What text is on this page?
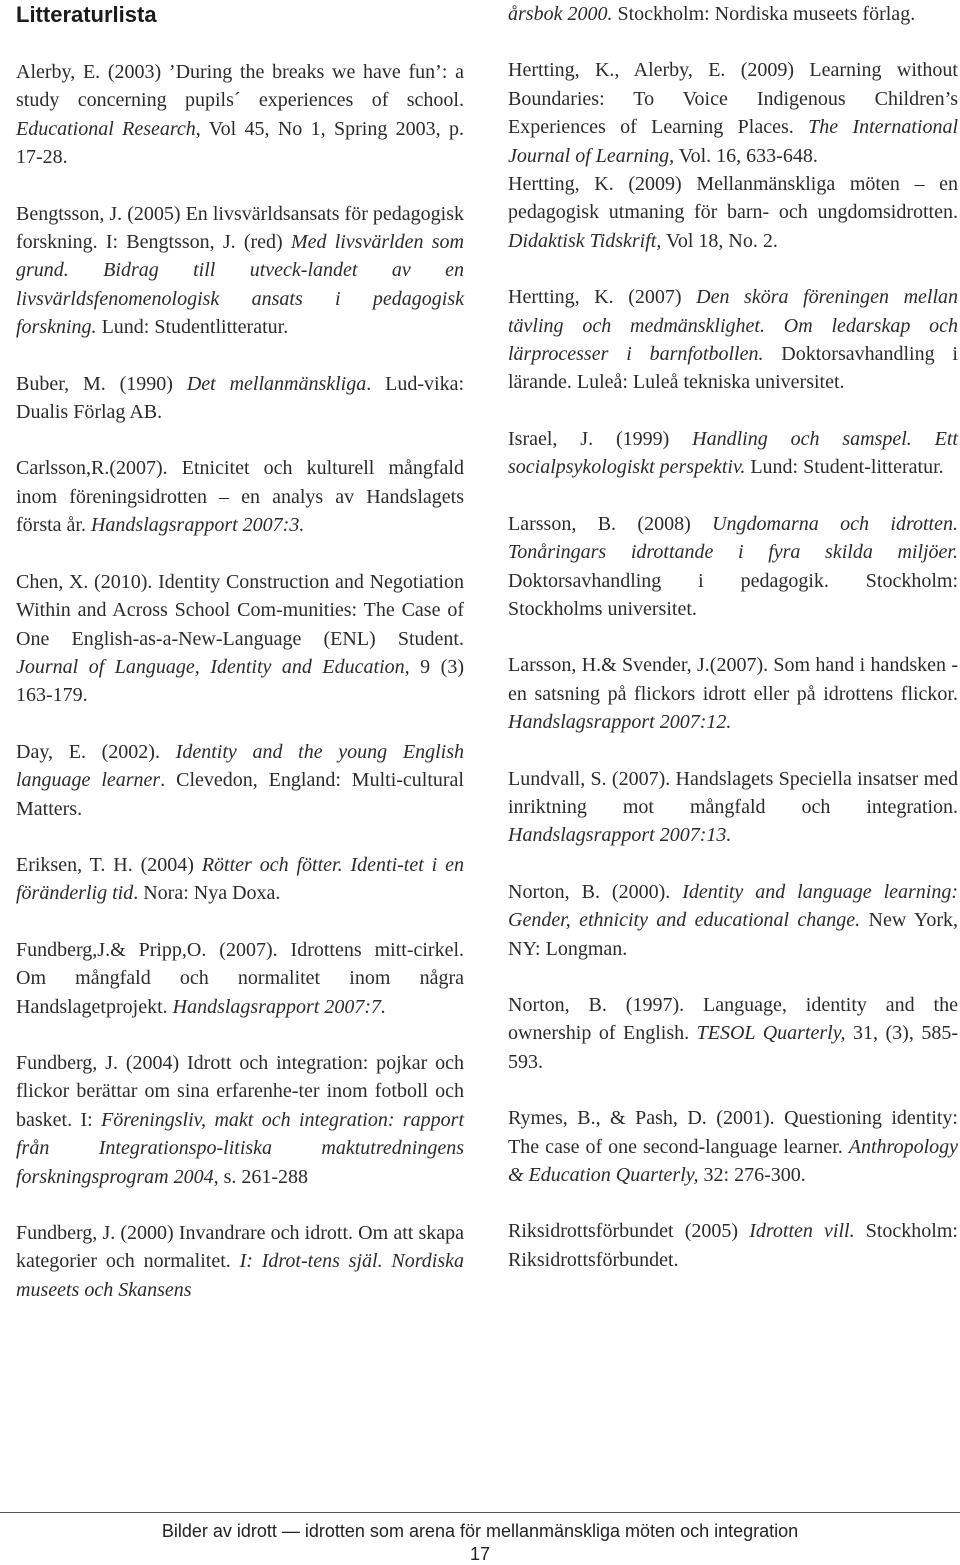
Litteraturlista

Alerby, E. (2003) ’During the breaks we have fun’: a study concerning pupils´ experiences of school. Educational Research, Vol 45, No 1, Spring 2003, p. 17-28.

Bengtsson, J. (2005) En livsvärldsansats för pedagogisk forskning. I: Bengtsson, J. (red) Med livsvärlden som grund. Bidrag till utveck-landet av en livsvärldsfenomenologisk ansats i pedagogisk forskning. Lund: Studentlitteratur.

Buber, M. (1990) Det mellanmänskliga. Lud-vika: Dualis Förlag AB.

Carlsson,R.(2007). Etnicitet och kulturell mångfald inom föreningsidrotten – en analys av Handslagets första år. Handslagsrapport 2007:3.

Chen, X. (2010). Identity Construction and Negotiation Within and Across School Com-munities: The Case of One English-as-a-New-Language (ENL) Student. Journal of Language, Identity and Education, 9 (3) 163-179.

Day, E. (2002). Identity and the young English language learner. Clevedon, England: Multi-cultural Matters.

Eriksen, T. H. (2004) Rötter och fötter. Identi-tet i en föränderlig tid. Nora: Nya Doxa.

Fundberg,J.& Pripp,O. (2007). Idrottens mitt-cirkel. Om mångfald och normalitet inom några Handslagetprojekt. Handslagsrapport 2007:7.

Fundberg, J. (2004) Idrott och integration: pojkar och flickor berättar om sina erfarenhe-ter inom fotboll och basket. I: Föreningsliv, makt och integration: rapport från Integrationspo-litiska maktutredningens forskningsprogram 2004, s. 261-288

Fundberg, J. (2000) Invandrare och idrott. Om att skapa kategorier och normalitet. I: Idrot-tens själ. Nordiska museets och Skansens

årsbok 2000. Stockholm: Nordiska museets förlag.

Hertting, K., Alerby, E. (2009) Learning without Boundaries: To Voice Indigenous Children’s Experiences of Learning Places. The International Journal of Learning, Vol. 16, 633-648.

Hertting, K. (2009) Mellanmänskliga möten – en pedagogisk utmaning för barn- och ungdomsidrotten. Didaktisk Tidskrift, Vol 18, No. 2.

Hertting, K. (2007) Den sköra föreningen mellan tävling och medmänsklighet. Om ledarskap och lärprocesser i barnfotbollen. Doktorsavhandling i lärande. Luleå: Luleå tekniska universitet.

Israel, J. (1999) Handling och samspel. Ett socialpsykologiskt perspektiv. Lund: Student-litteratur.

Larsson, B. (2008) Ungdomarna och idrotten. Tonåringars idrottande i fyra skilda miljöer. Doktorsavhandling i pedagogik. Stockholm: Stockholms universitet.

Larsson, H.& Svender, J.(2007). Som hand i handsken - en satsning på flickors idrott eller på idrottens flickor. Handslagsrapport 2007:12.

Lundvall, S. (2007). Handslagets Speciella insatser med inriktning mot mångfald och integration. Handslagsrapport 2007:13.

Norton, B. (2000). Identity and language learning: Gender, ethnicity and educational change. New York, NY: Longman.

Norton, B. (1997). Language, identity and the ownership of English. TESOL Quarterly, 31, (3), 585-593.

Rymes, B., & Pash, D. (2001). Questioning identity: The case of one second-language learner. Anthropology & Education Quarterly, 32: 276-300.

Riksidrottsförbundet (2005) Idrotten vill. Stockholm: Riksidrottsförbundet.

Bilder av idrott — idrotten som arena för mellanmänskliga möten och integration
17
